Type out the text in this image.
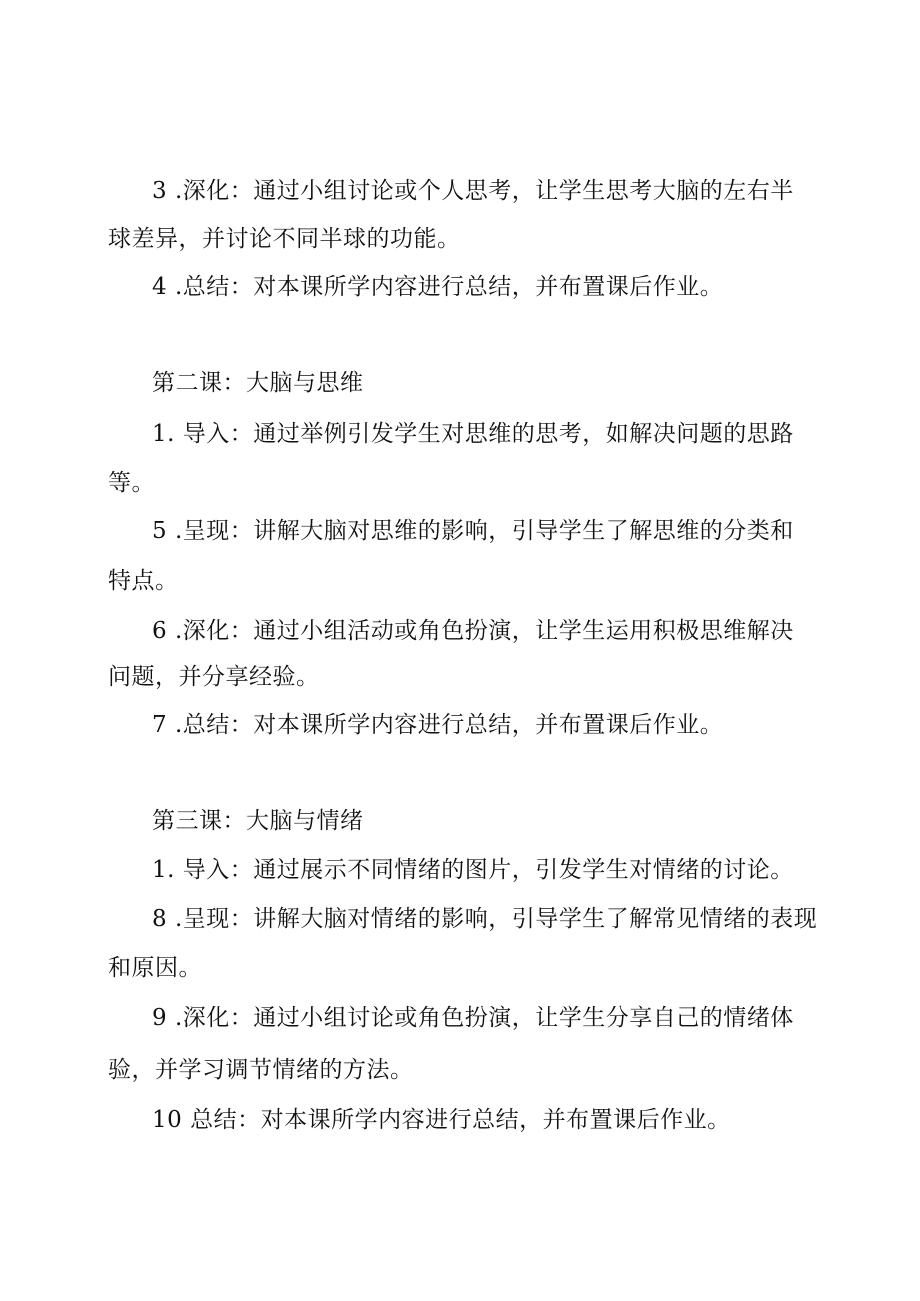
3 .深化：通过小组讨论或个人思考，让学生思考大脑的左右半
球差异，并讨论不同半球的功能。
4 .总结：对本课所学内容进行总结，并布置课后作业。
第二课：大脑与思维
1. 导入：通过举例引发学生对思维的思考，如解决问题的思路
等。
5 .呈现：讲解大脑对思维的影响，引导学生了解思维的分类和
特点。
6 .深化：通过小组活动或角色扮演，让学生运用积极思维解决
问题，并分享经验。
7 .总结：对本课所学内容进行总结，并布置课后作业。
第三课：大脑与情绪
1. 导入：通过展示不同情绪的图片，引发学生对情绪的讨论。
8 .呈现：讲解大脑对情绪的影响，引导学生了解常见情绪的表现
和原因。
9 .深化：通过小组讨论或角色扮演，让学生分享自己的情绪体
验，并学习调节情绪的方法。
10 总结：对本课所学内容进行总结，并布置课后作业。
